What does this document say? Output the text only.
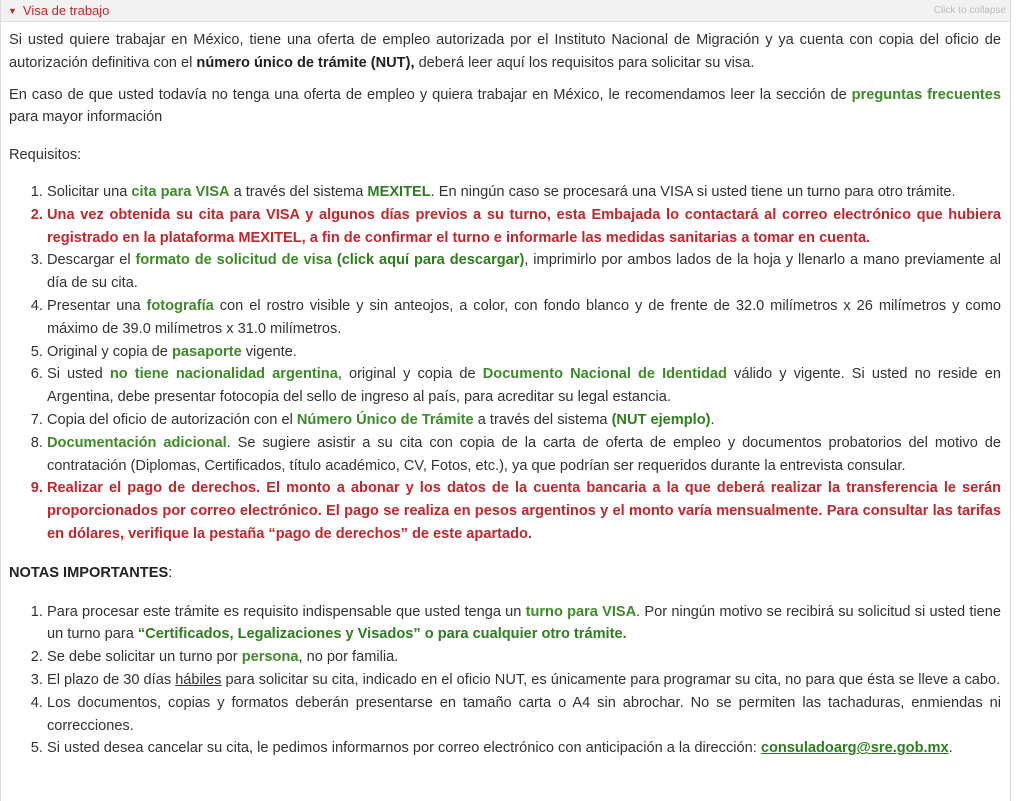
▼ Visa de trabajo	Click to collapse

Si usted quiere trabajar en México, tiene una oferta de empleo autorizada por el Instituto Nacional de Migración y ya cuenta con copia del oficio de autorización definitiva con el número único de trámite (NUT), deberá leer aquí los requisitos para solicitar su visa.

En caso de que usted todavía no tenga una oferta de empleo y quiera trabajar en México, le recomendamos leer la sección de preguntas frecuentes para mayor información

Requisitos:

1. Solicitar una cita para VISA a través del sistema MEXITEL. En ningún caso se procesará una VISA si usted tiene un turno para otro trámite.
2. Una vez obtenida su cita para VISA y algunos días previos a su turno, esta Embajada lo contactará al correo electrónico que hubiera registrado en la plataforma MEXITEL, a fin de confirmar el turno e informarle las medidas sanitarias a tomar en cuenta.
3. Descargar el formato de solicitud de visa (click aquí para descargar), imprimirlo por ambos lados de la hoja y llenarlo a mano previamente al día de su cita.
4. Presentar una fotografía con el rostro visible y sin anteojos, a color, con fondo blanco y de frente de 32.0 milímetros x 26 milímetros y como máximo de 39.0 milímetros x 31.0 milímetros.
5. Original y copia de pasaporte vigente.
6. Si usted no tiene nacionalidad argentina, original y copia de Documento Nacional de Identidad válido y vigente. Si usted no reside en Argentina, debe presentar fotocopia del sello de ingreso al país, para acreditar su legal estancia.
7. Copia del oficio de autorización con el Número Único de Trámite a través del sistema (NUT ejemplo).
8. Documentación adicional. Se sugiere asistir a su cita con copia de la carta de oferta de empleo y documentos probatorios del motivo de contratación (Diplomas, Certificados, título académico, CV, Fotos, etc.), ya que podrían ser requeridos durante la entrevista consular.
9. Realizar el pago de derechos. El monto a abonar y los datos de la cuenta bancaria a la que deberá realizar la transferencia le serán proporcionados por correo electrónico. El pago se realiza en pesos argentinos y el monto varía mensualmente. Para consultar las tarifas en dólares, verifique la pestaña “pago de derechos” de este apartado.

NOTAS IMPORTANTES:

1. Para procesar este trámite es requisito indispensable que usted tenga un turno para VISA. Por ningún motivo se recibirá su solicitud si usted tiene un turno para “Certificados, Legalizaciones y Visados” o para cualquier otro trámite.
2. Se debe solicitar un turno por persona, no por familia.
3. El plazo de 30 días hábiles para solicitar su cita, indicado en el oficio NUT, es únicamente para programar su cita, no para que ésta se lleve a cabo.
4. Los documentos, copias y formatos deberán presentarse en tamaño carta o A4 sin abrochar. No se permiten las tachaduras, enmiendas ni correcciones.
5. Si usted desea cancelar su cita, le pedimos informarnos por correo electrónico con anticipación a la dirección: consuladoarg@sre.gob.mx.
